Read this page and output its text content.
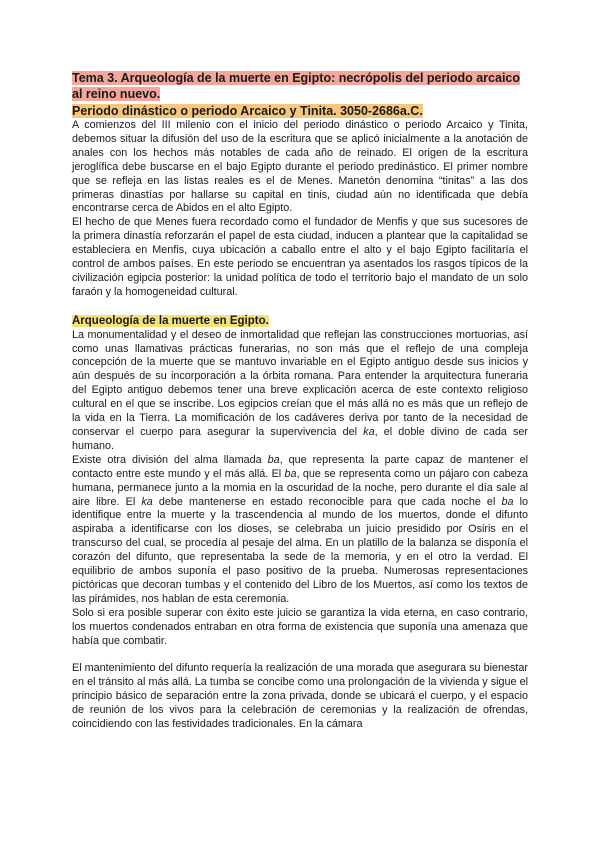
Tema 3. Arqueología de la muerte en Egipto: necrópolis del periodo arcaico al reino nuevo.
Periodo dinástico o periodo Arcaico y Tinita. 3050-2686a.C.

A comienzos del III milenio con el inicio del periodo dinástico o periodo Arcaico y Tinita, debemos situar la difusión del uso de la escritura que se aplicó inicialmente a la anotación de anales con los hechos más notables de cada año de reinado. El origen de la escritura jeroglífica debe buscarse en el bajo Egipto durante el periodo predinástico. El primer nombre que se refleja en las listas reales es el de Menes. Manetón denomina “tinitas” a las dos primeras dinastías por hallarse su capital en tinis, ciudad aún no identificada que debía encontrarse cerca de Abidos en el alto Egipto.

El hecho de que Menes fuera recordado como el fundador de Menfis y que sus sucesores de la primera dinastía reforzarán el papel de esta ciudad, inducen a plantear que la capitalidad se estableciera en Menfis, cuya ubicación a caballo entre el alto y el bajo Egipto facilitaría el control de ambos países. En este periodo se encuentran ya asentados los rasgos típicos de la civilización egipcia posterior: la unidad política de todo el territorio bajo el mandato de un solo faraón y la homogeneidad cultural.

Arqueología de la muerte en Egipto.

La monumentalidad y el deseo de inmortalidad que reflejan las construcciones mortuorias, así como unas llamativas prácticas funerarias, no son más que el reflejo de una compleja concepción de la muerte que se mantuvo invariable en el Egipto antiguo desde sus inicios y aún después de su incorporación a la órbita romana. Para entender la arquitectura funeraria del Egipto antiguo debemos tener una breve explicación acerca de este contexto religioso cultural en el que se inscribe. Los egipcios creían que el más allá no es más que un reflejo de la vida en la Tierra. La momificación de los cadáveres deriva por tanto de la necesidad de conservar el cuerpo para asegurar la supervivencia del ka, el doble divino de cada ser humano.

Existe otra división del alma llamada ba, que representa la parte capaz de mantener el contacto entre este mundo y el más allá. El ba, que se representa como un pájaro con cabeza humana, permanece junto a la momia en la oscuridad de la noche, pero durante el día sale al aire libre. El ka debe mantenerse en estado reconocible para que cada noche el ba lo identifique entre la muerte y la trascendencia al mundo de los muertos, donde el difunto aspiraba a identificarse con los dioses, se celebraba un juicio presidido por Osiris en el transcurso del cual, se procedía al pesaje del alma. En un platillo de la balanza se disponía el corazón del difunto, que representaba la sede de la memoria, y en el otro la verdad. El equilibrio de ambos suponía el paso positivo de la prueba. Numerosas representaciones pictóricas que decoran tumbas y el contenido del Libro de los Muertos, así como los textos de las pirámides, nos hablan de esta ceremonia.

Solo si era posible superar con éxito este juicio se garantiza la vida eterna, en caso contrario, los muertos condenados entraban en otra forma de existencia que suponía una amenaza que había que combatir.

El mantenimiento del difunto requería la realización de una morada que asegurara su bienestar en el tránsito al más allá. La tumba se concibe como una prolongación de la vivienda y sigue el principio básico de separación entre la zona privada, donde se ubicará el cuerpo, y el espacio de reunión de los vivos para la celebración de ceremonias y la realización de ofrendas, coincidiendo con las festividades tradicionales. En la cámara
